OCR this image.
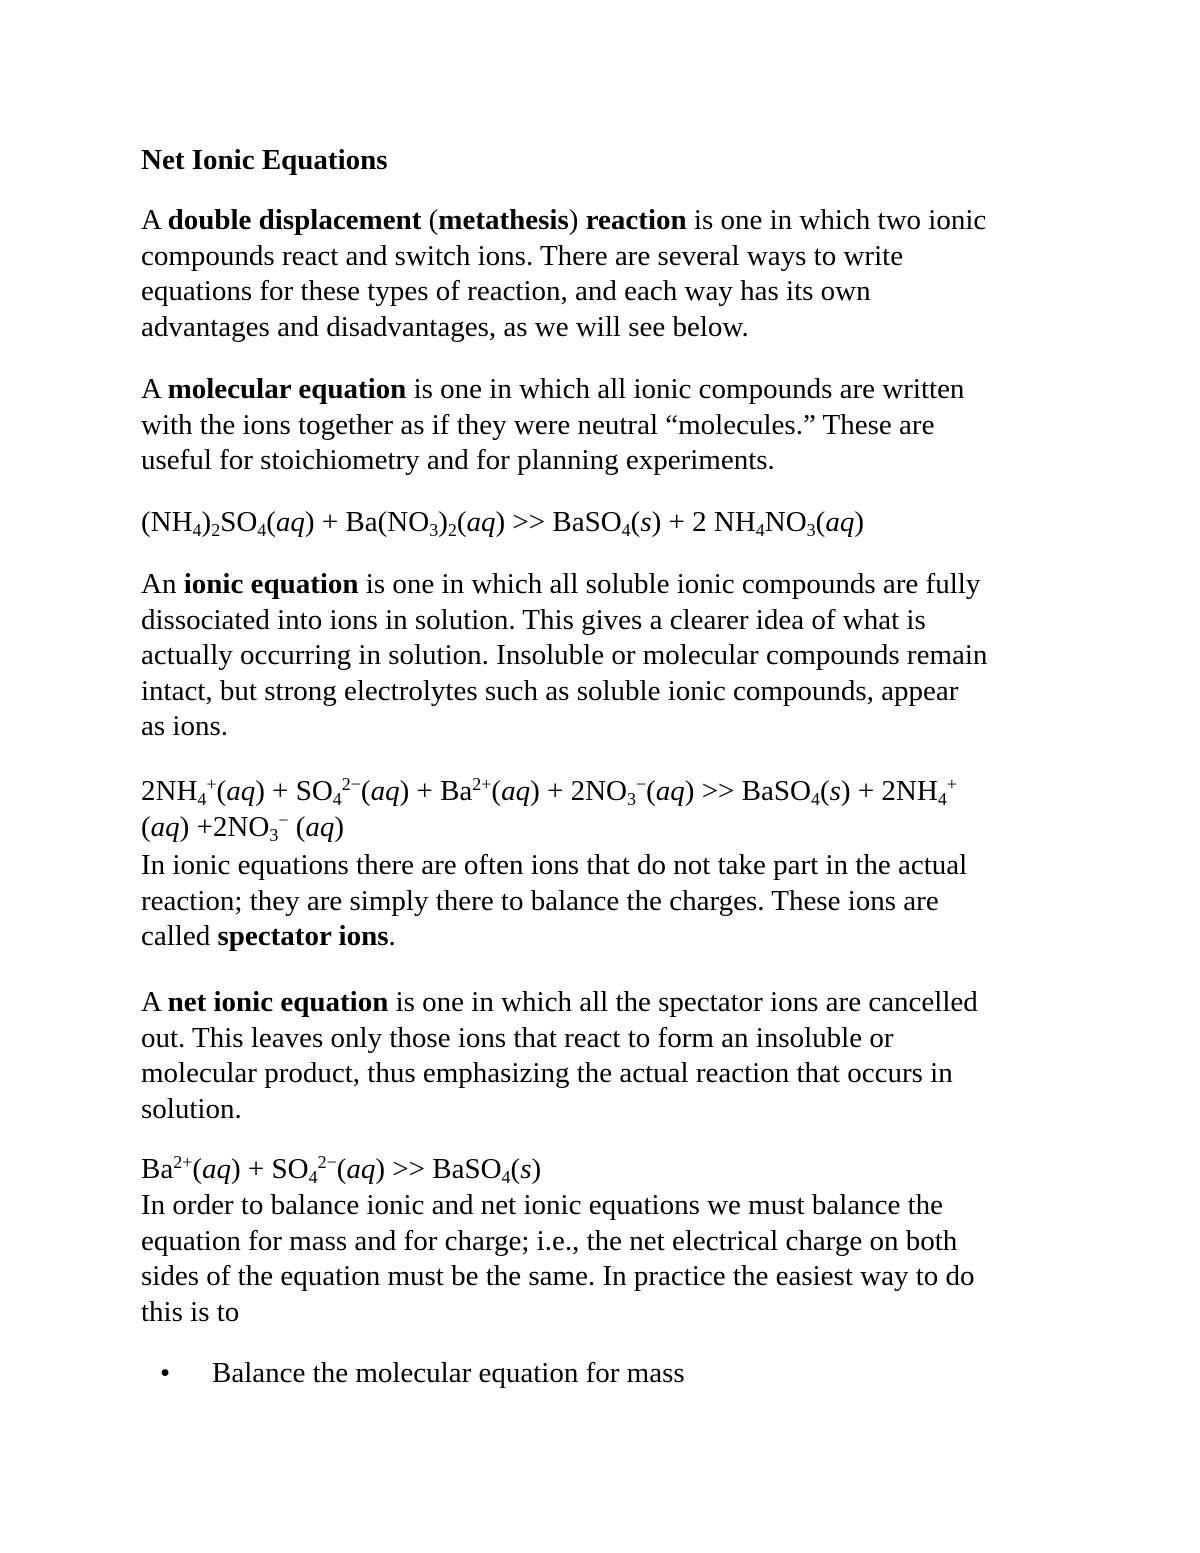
Net Ionic Equations
A double displacement (metathesis) reaction is one in which two ionic
compounds react and switch ions. There are several ways to write
equations for these types of reaction, and each way has its own
advantages and disadvantages, as we will see below.
A molecular equation is one in which all ionic compounds are written
with the ions together as if they were neutral “molecules.” These are
useful for stoichiometry and for planning experiments.
$(NH_4)_2SO_4(aq) + Ba(NO_3)_2(aq)$ >> BaSO$_4$(s) + 2 $NH_4NO_3(aq)$
An ionic equation is one in which all soluble ionic compounds are fully
dissociated into ions in solution. This gives a clearer idea of what is
actually occurring in solution. Insoluble or molecular compounds remain
intact, but strong electrolytes such as soluble ionic compounds, appear
as ions.
$2NH_4^+(aq) + SO_4^{2-}(aq) + Ba^{2+}(aq) + 2NO_3^-(aq)$ >> BaSO$_4$(s) + $2NH_4^+$
$(aq) +2NO_3^-$ (aq)
In ionic equations there are often ions that do not take part in the actual
reaction; they are simply there to balance the charges. These ions are
called spectator ions.
A net ionic equation is one in which all the spectator ions are cancelled
out. This leaves only those ions that react to form an insoluble or
molecular product, thus emphasizing the actual reaction that occurs in
solution.
$Ba^{2+}(aq) + SO_4^{2-}(aq)$ >> BaSO$_4$(s)
In order to balance ionic and net ionic equations we must balance the
equation for mass and for charge; i.e., the net electrical charge on both
sides of the equation must be the same. In practice the easiest way to do
this is to
• Balance the molecular equation for mass
